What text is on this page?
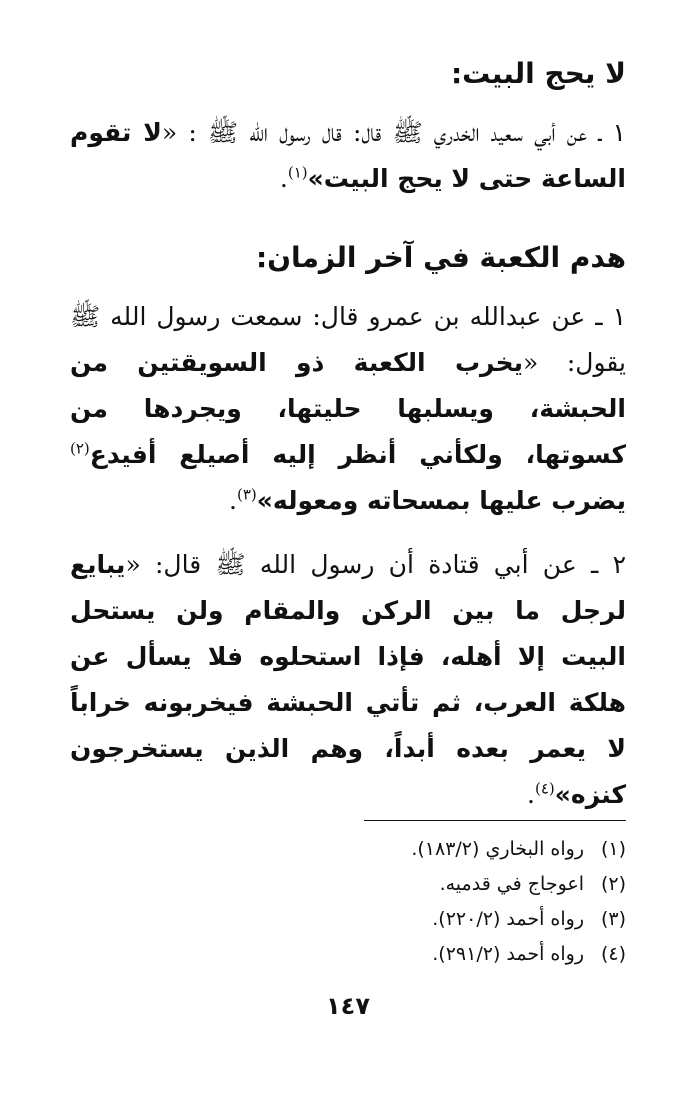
لا يحج البيت:

١ ـ عن أبي سعيد الخدري ﷺ قال: قال رسول الله ﷺ : «لا تقوم الساعة حتى لا يحج البيت»$^{(١)}$.

هدم الكعبة في آخر الزمان:

١ ـ عن عبدالله بن عمرو قال: سمعت رسول الله ﷺ يقول: «يخرب الكعبة ذو السويقتين من الحبشة، ويسلبها حليتها، ويجردها من كسوتها، ولكأني أنظر إليه أصيلع أفيدع$^{(٢)}$ يضرب عليها بمسحاته ومعوله»$^{(٣)}$.

٢ ـ عن أبي قتادة أن رسول الله ﷺ قال: «يبايع لرجل ما بين الركن والمقام ولن يستحل البيت إلا أهله، فإذا استحلوه فلا يسأل عن هلكة العرب، ثم تأتي الحبشة فيخربونه خراباً لا يعمر بعده أبداً، وهم الذين يستخرجون كنزه»$^{(٤)}$.

(١)رواه البخاري (١٨٣/٢).
(٢)اعوجاج في قدميه.
(٣)رواه أحمد (٢٢٠/٢).
(٤)رواه أحمد (٢٩١/٢).
١٤٧
